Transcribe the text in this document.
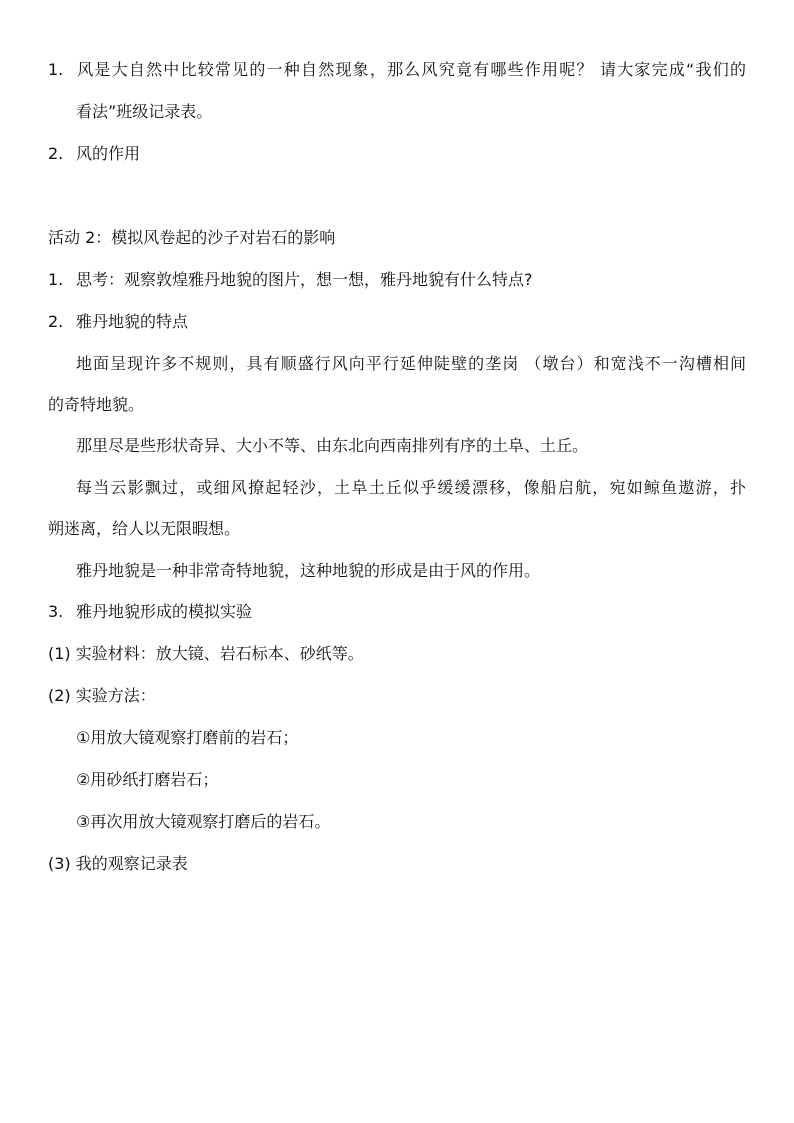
1. 风是大自然中比较常见的一种自然现象，那么风究竟有哪些作用呢？ 请大家完成“我们的
看法”班级记录表。
2. 风的作用
活动 2：模拟风卷起的沙子对岩石的影响
1. 思考：观察敦煌雅丹地貌的图片，想一想，雅丹地貌有什么特点?
2. 雅丹地貌的特点
地面呈现许多不规则，具有顺盛行风向平行延伸陡壁的垄岗 （墩台）和宽浅不一沟槽相间
的奇特地貌。
那里尽是些形状奇异、大小不等、由东北向西南排列有序的土阜、土丘。
每当云影飘过，或细风撩起轻沙，土阜土丘似乎缓缓漂移，像船启航，宛如鲸鱼遨游，扑
朔迷离，给人以无限暇想。
雅丹地貌是一种非常奇特地貌，这种地貌的形成是由于风的作用。
3. 雅丹地貌形成的模拟实验
(1) 实验材料：放大镜、岩石标本、砂纸等。
(2) 实验方法：
①用放大镜观察打磨前的岩石；
②用砂纸打磨岩石；
③再次用放大镜观察打磨后的岩石。
(3) 我的观察记录表
